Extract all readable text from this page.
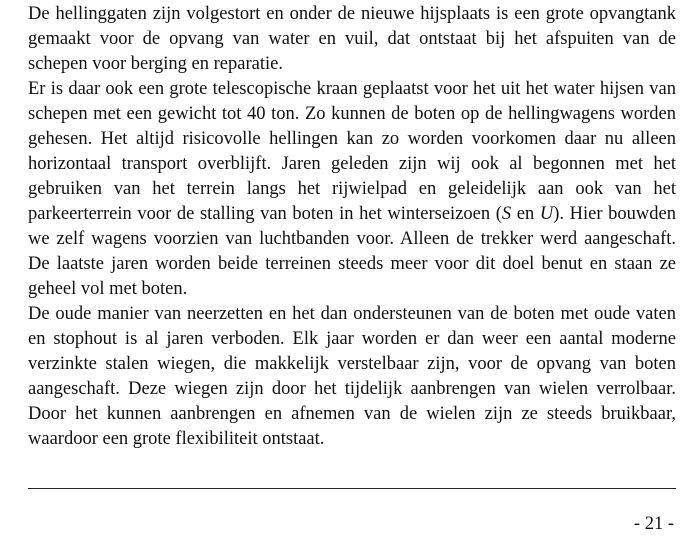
De hellinggaten zijn volgestort en onder de nieuwe hijsplaats is een grote opvangtank gemaakt voor de opvang van water en vuil, dat ontstaat bij het afspuiten van de schepen voor berging en reparatie.

Er is daar ook een grote telescopische kraan geplaatst voor het uit het water hijsen van schepen met een gewicht tot 40 ton. Zo kunnen de boten op de hellingwagens worden gehesen. Het altijd risicovolle hellingen kan zo worden voorkomen daar nu alleen horizontaal transport overblijft. Jaren geleden zijn wij ook al begonnen met het gebruiken van het terrein langs het rijwielpad en geleidelijk aan ook van het parkeerterrein voor de stalling van boten in het winterseizoen (S en U). Hier bouwden we zelf wagens voorzien van luchtbanden voor. Alleen de trekker werd aangeschaft. De laatste jaren worden beide terreinen steeds meer voor dit doel benut en staan ze geheel vol met boten.

De oude manier van neerzetten en het dan ondersteunen van de boten met oude vaten en stophout is al jaren verboden. Elk jaar worden er dan weer een aantal moderne verzinkte stalen wiegen, die makkelijk verstelbaar zijn, voor de opvang van boten aangeschaft. Deze wiegen zijn door het tijdelijk aanbrengen van wielen verrolbaar. Door het kunnen aanbrengen en afnemen van de wielen zijn ze steeds bruikbaar, waardoor een grote flexibiliteit ontstaat.

- 21 -
